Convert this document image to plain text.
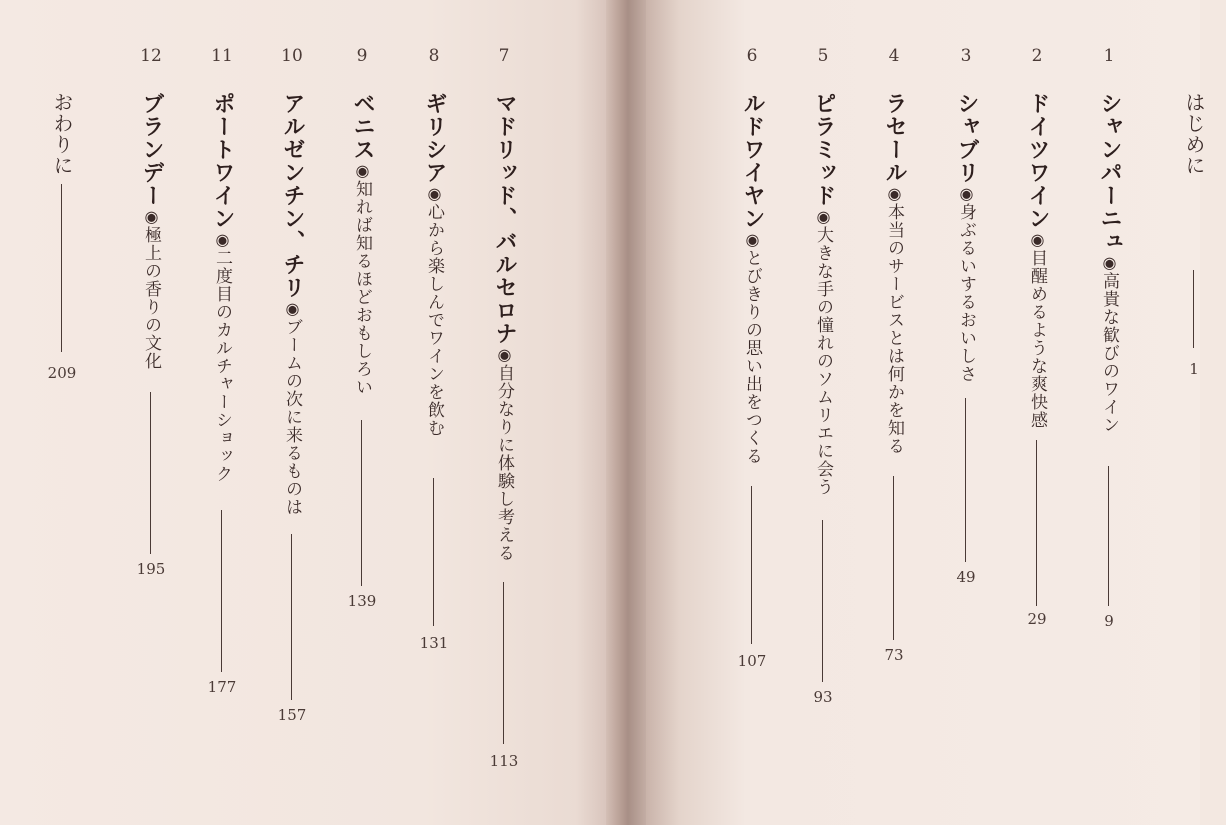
はじめに
1
1
シャンパーニュ◉高貴な歓びのワイン
9
2
ドイツワイン◉目醒めるような爽快感
29
3
シャブリ◉身ぶるいするおいしさ
49
4
ラセール◉本当のサービスとは何かを知る
73
5
ピラミッド◉大きな手の憧れのソムリエに会う
93
6
ルドワイヤン◉とびきりの思い出をつくる
107
7
マドリッド、バルセロナ◉自分なりに体験し考える
113
8
ギリシア◉心から楽しんでワインを飲む
131
9
ベニス◉知れば知るほどおもしろい
139
10
アルゼンチン、チリ◉ブームの次に来るものは
157
11
ポートワイン◉二度目のカルチャーショック
177
12
ブランデー◉極上の香りの文化
195
おわりに
209
